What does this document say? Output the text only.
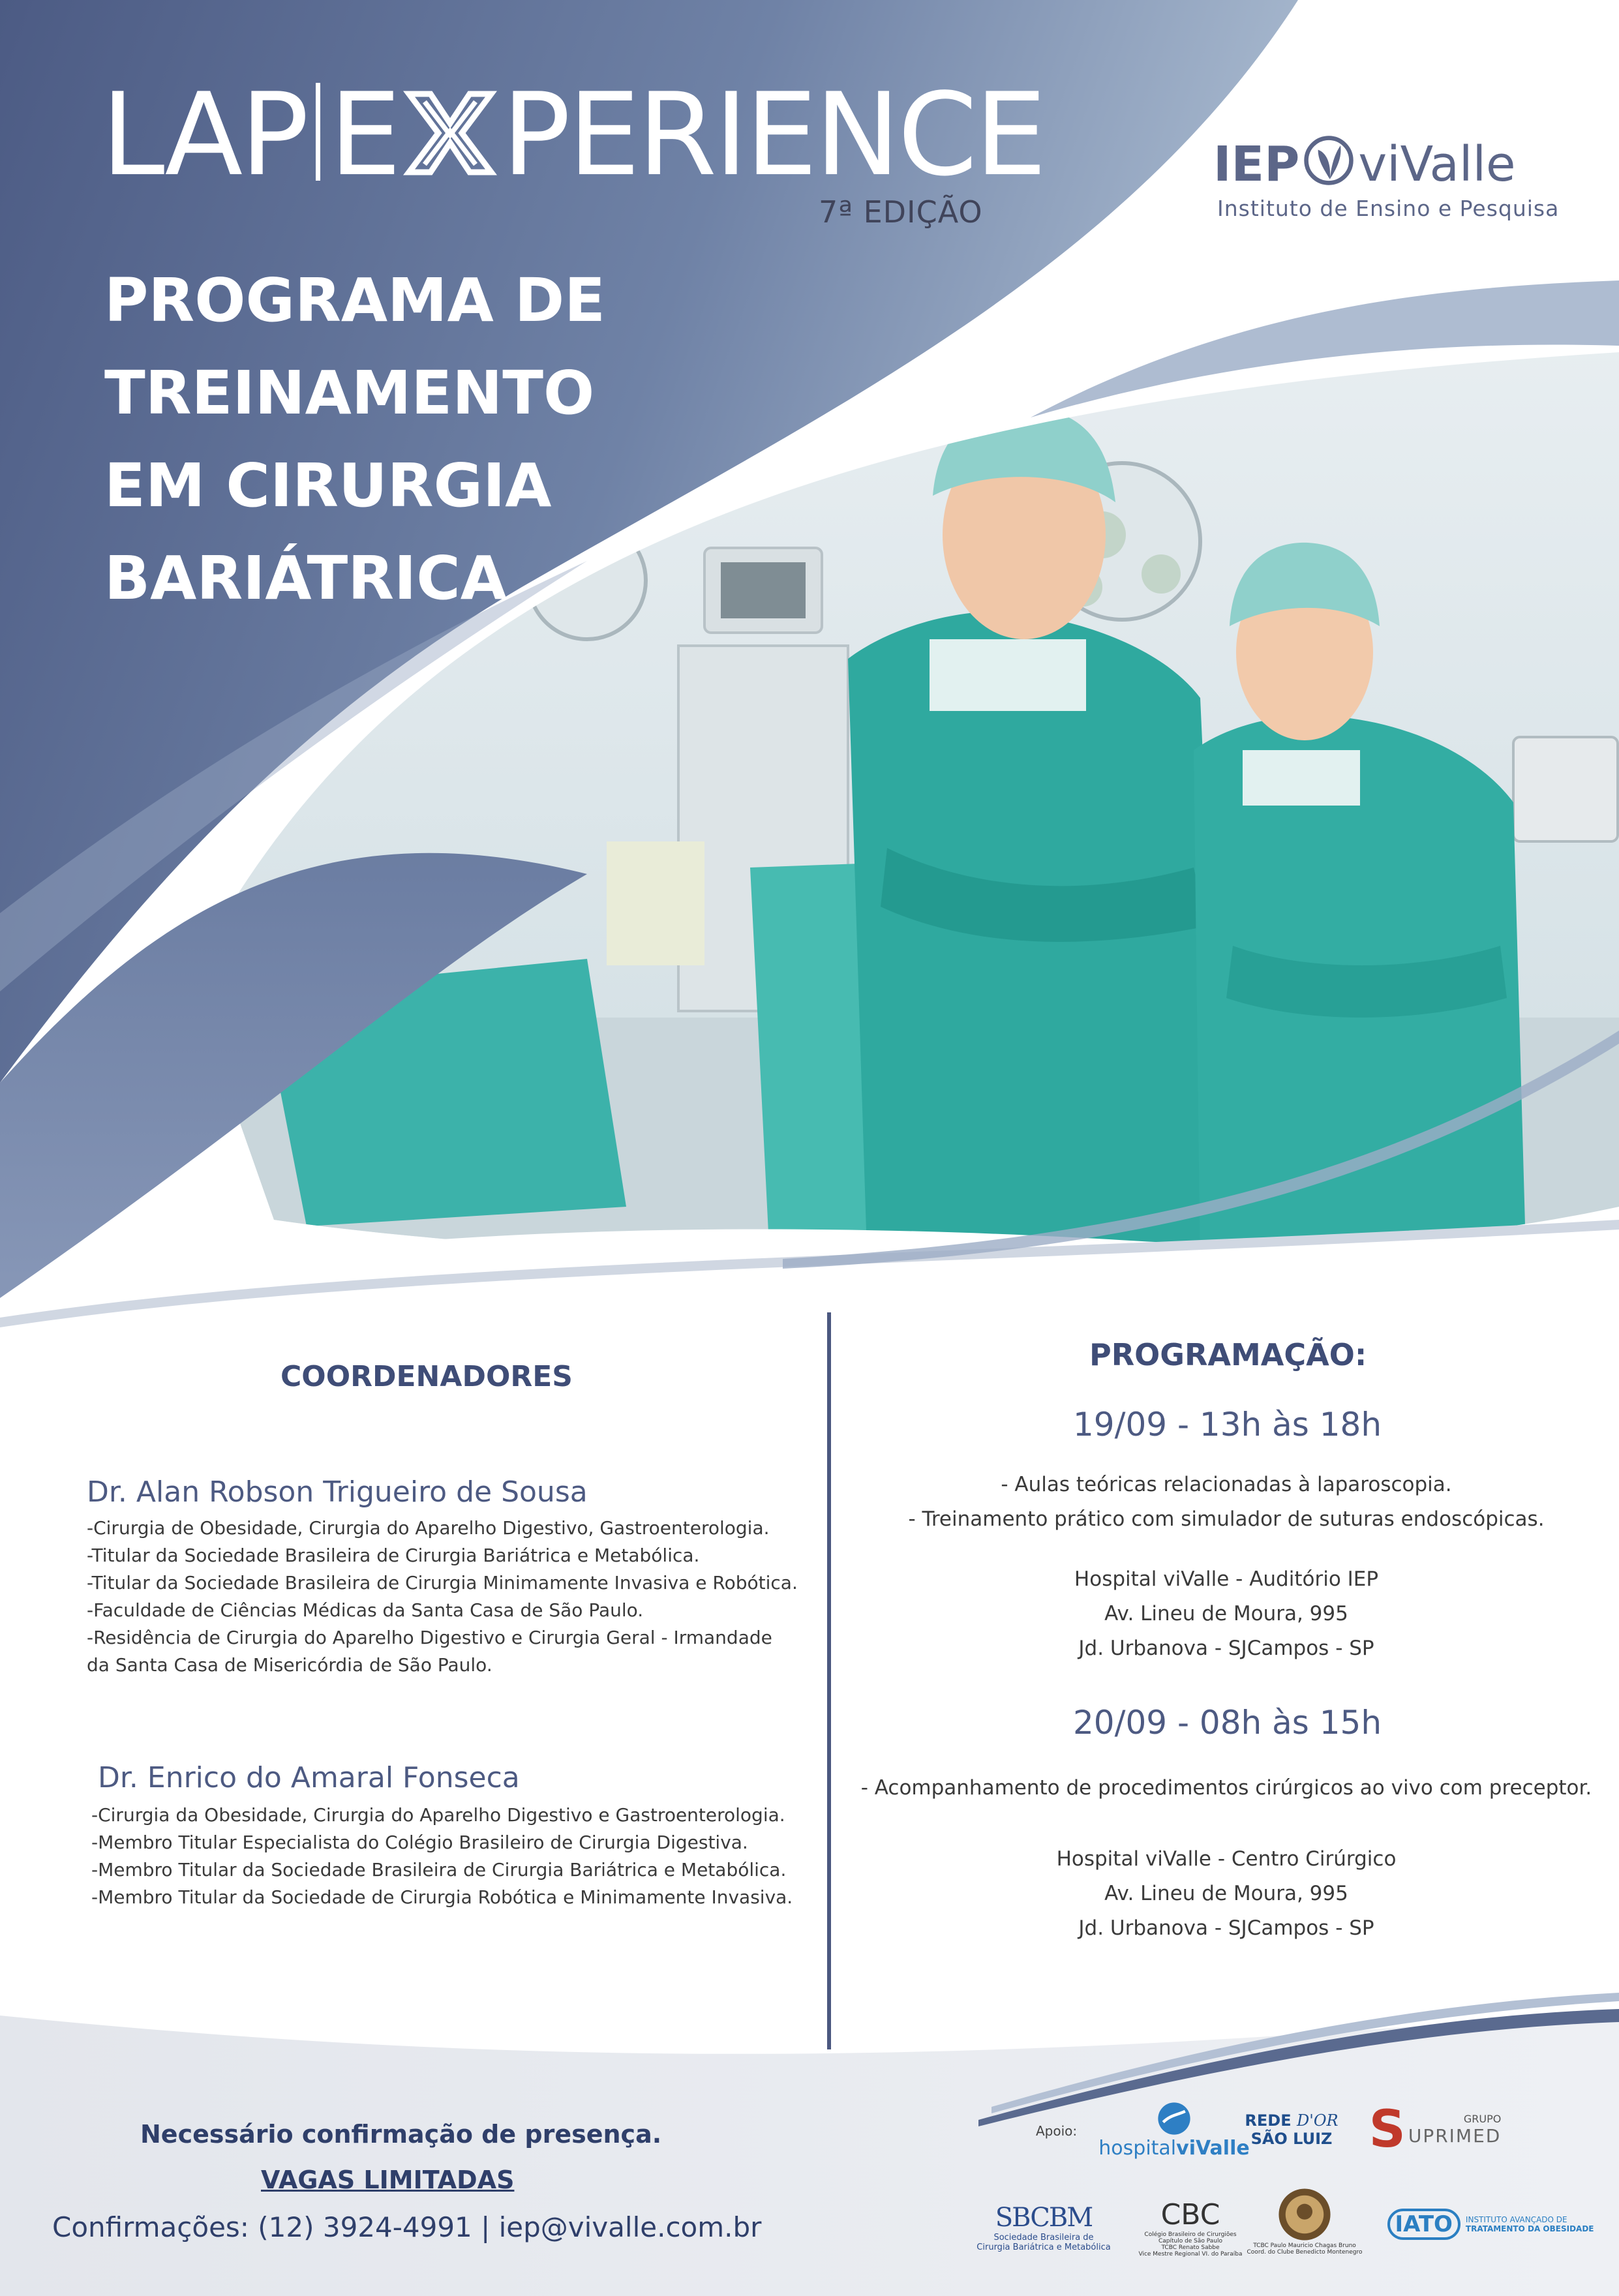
LAP E PERIENCE
7ª EDIÇÃO
PROGRAMA DE
TREINAMENTO
EM CIRURGIA
BARIÁTRICA
IEP viValle
Instituto de Ensino e Pesquisa
COORDENADORES
Dr. Alan Robson Trigueiro de Sousa
-Cirurgia de Obesidade, Cirurgia do Aparelho Digestivo, Gastroenterologia.
-Titular da Sociedade Brasileira de Cirurgia Bariátrica e Metabólica.
-Titular da Sociedade Brasileira de Cirurgia Minimamente Invasiva e Robótica.
-Faculdade de Ciências Médicas da Santa Casa de São Paulo.
-Residência de Cirurgia do Aparelho Digestivo e Cirurgia Geral - Irmandade
da Santa Casa de Misericórdia de São Paulo.
Dr. Enrico do Amaral Fonseca
-Cirurgia da Obesidade, Cirurgia do Aparelho Digestivo e Gastroenterologia.
-Membro Titular Especialista do Colégio Brasileiro de Cirurgia Digestiva.
-Membro Titular da Sociedade Brasileira de Cirurgia Bariátrica e Metabólica.
-Membro Titular da Sociedade de Cirurgia Robótica e Minimamente Invasiva.
PROGRAMAÇÃO:
19/09 - 13h às 18h
- Aulas teóricas relacionadas à laparoscopia.
- Treinamento prático com simulador de suturas endoscópicas.
Hospital viValle - Auditório IEP
Av. Lineu de Moura, 995
Jd. Urbanova - SJCampos - SP
20/09 - 08h às 15h
- Acompanhamento de procedimentos cirúrgicos ao vivo com preceptor.
Hospital viValle - Centro Cirúrgico
Av. Lineu de Moura, 995
Jd. Urbanova - SJCampos - SP
Necessário confirmação de presença.
VAGAS LIMITADAS
Confirmações: (12) 3924-4991 | iep@vivalle.com.br
Apoio:
hospitalviValle
REDE D'OR
SÃO LUIZ S	GRUPO
UPRIMED
SBCBM
Sociedade Brasileira de
Cirurgia Bariátrica e Metabólica
CBC
Colégio Brasileiro de Cirurgiões
Capítulo de São Paulo
TCBC Renato Sabbe
Vice Mestre Regional VI. do Paraíba
TCBC Paulo Mauricio Chagas Bruno
Coord. do Clube Benedicto Montenegro
IATO	INSTITUTO AVANÇADO DE
TRATAMENTO DA OBESIDADE
